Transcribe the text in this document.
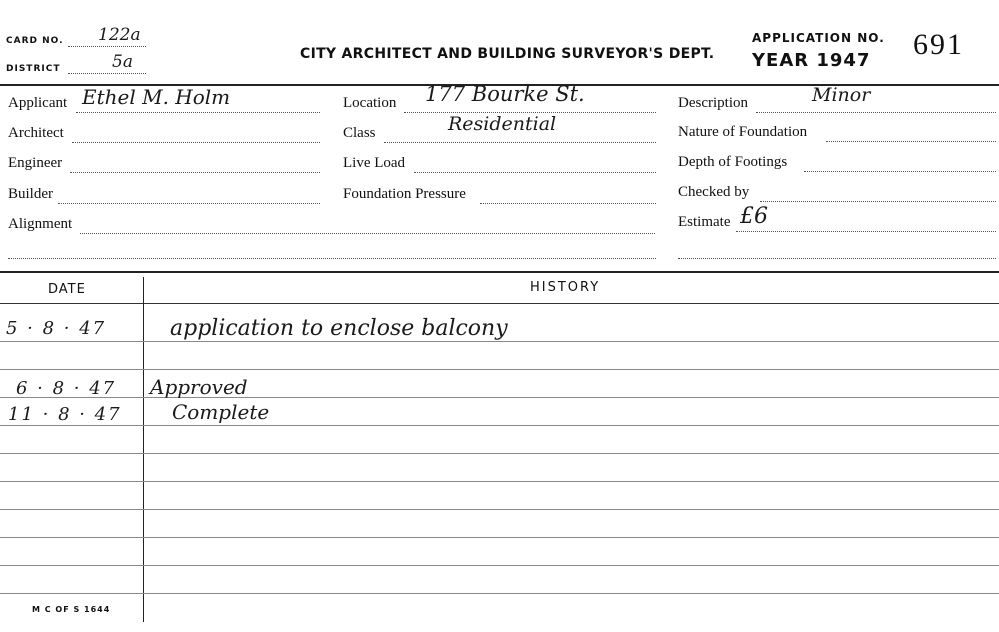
CARD NO. 122a
DISTRICT	5a	CITY ARCHITECT AND BUILDING SURVEYOR'S DEPT.
APPLICATION NO. 691
YEAR 1947
Applicant Ethel M. Holm
Architect
Engineer
Builder
Alignment
Location 177 Bourke St.
Class	Residential
Live Load
Foundation Pressure
Description	Minor
Nature of Foundation
Depth of Footings
Checked by
Estimate £6
DATE	HISTORY
5 · 8 · 47	application to enclose balcony
6 · 8 · 47 Approved
11 · 8 · 47	Complete
M C OF S 1644
